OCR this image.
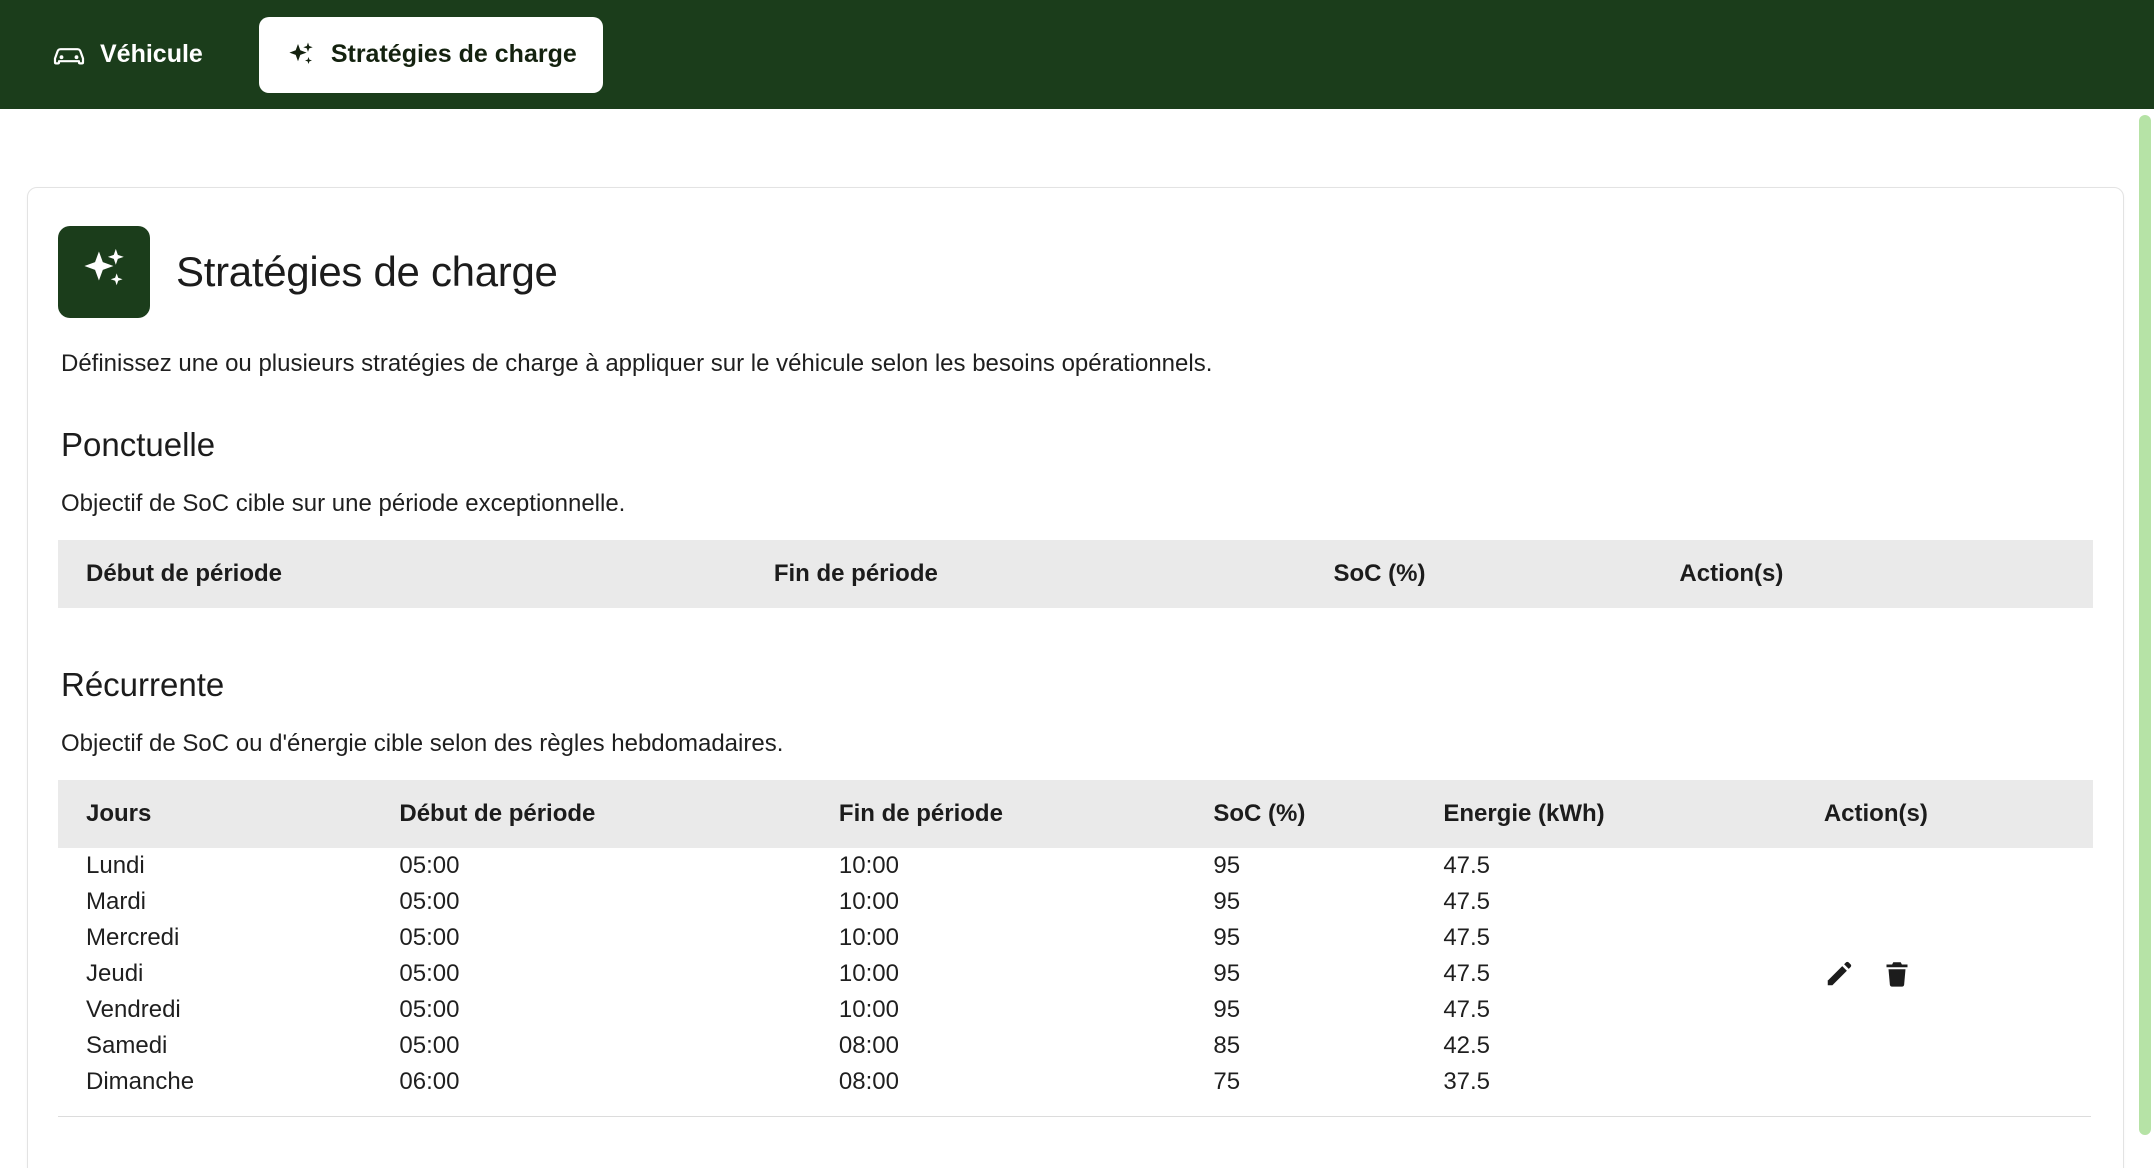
Véhicule	Stratégies de charge
Stratégies de charge

Définissez une ou plusieurs stratégies de charge à appliquer sur le véhicule selon les besoins opérationnels.

Ponctuelle

Objectif de SoC cible sur une période exceptionnelle.

Début de période	Fin de période	SoC (%)	Action(s)
Récurrente

Objectif de SoC ou d'énergie cible selon des règles hebdomadaires.

Jours	Début de période	Fin de période	SoC (%)	Energie (kWh)	Action(s)
Lundi	05:00	10:00	95	47.5	

Mardi	05:00	10:00	95	47.5	
Mercredi	05:00	10:00	95	47.5	
Jeudi	05:00	10:00	95	47.5	
Vendredi	05:00	10:00	95	47.5	
Samedi	05:00	08:00	85	42.5	
Dimanche	06:00	08:00	75	37.5	
